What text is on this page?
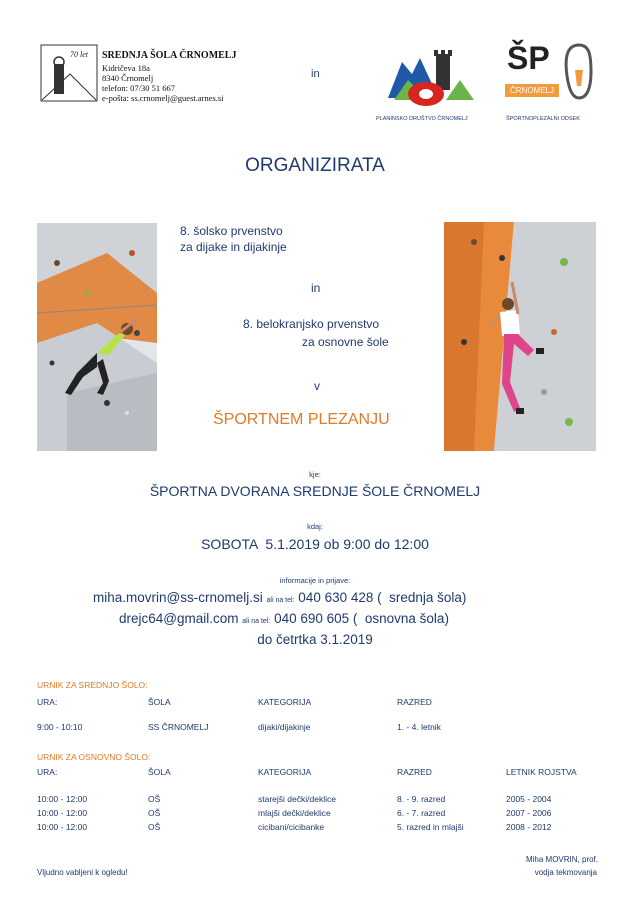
70 let SREDNJA ŠOLA ČRNOMELJ
Kidričeva 18a
8340 Črnomelj
telefon: 07/30 51 667
e-pošta: ss.crnomelj@guest.arnes.si
in
PLANINSKO DRUŠTVO ČRNOMELJ
ŠP
ČRNOMELJ
ŠPORTNOPLEZALNI ODSEK
ORGANIZIRATA
8. šolsko prvenstvo
za dijake in dijakinje
in
8. belokranjsko prvenstvo
za osnovne šole
v
ŠPORTNEM PLEZANJU
kje:
ŠPORTNA DVORANA SREDNJE ŠOLE ČRNOMELJ
kdaj:
SOBOTA  5.1.2019 ob 9:00 do 12:00
informacije in prijave:
miha.movrin@ss-crnomelj.si ali na tel: 040 630 428 (  srednja šola)
drejc64@gmail.com ali na tel: 040 690 605 (  osnovna šola)
do četrtka 3.1.2019
URNIK ZA SREDNJO ŠOLO:
URA:	ŠOLA	KATEGORIJA	RAZRED
9:00 - 10:10	SS ČRNOMELJ	dijaki/dijakinje	1. - 4. letnik
URNIK ZA OSNOVNO ŠOLO:
URA:	ŠOLA	KATEGORIJA	RAZRED	LETNIK ROJSTVA
10:00 - 12:00	OŠ	starejši dečki/deklice	8. - 9. razred	2005 - 2004
10:00 - 12:00	OŠ	mlajši dečki/deklice	6. - 7. razred	2007 - 2006
10:00 - 12:00	OŠ	cicibani/cicibanke	5. razred in mlajši	2008 - 2012
Vljudno vabljeni k ogledu!
Miha MOVRIN, prof.
vodja tekmovanja
